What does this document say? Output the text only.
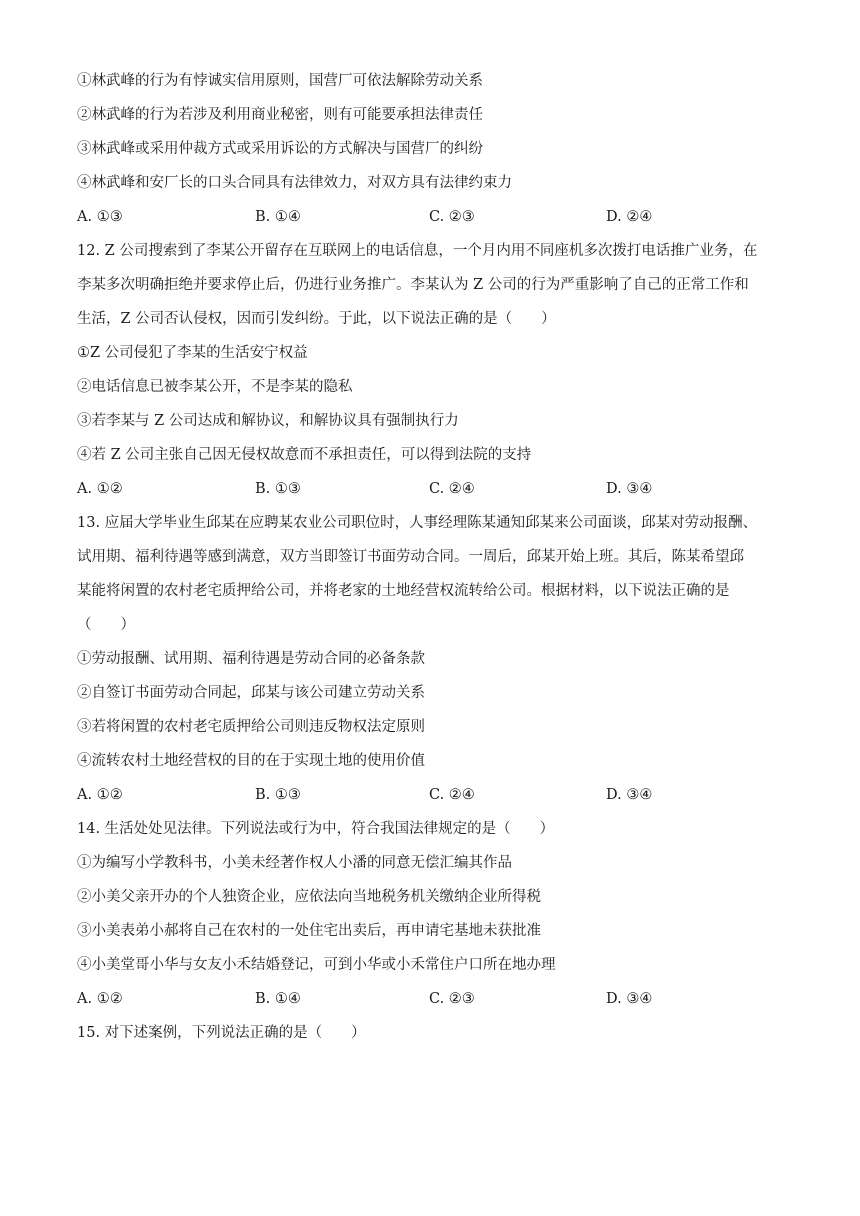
①林武峰的行为有悖诚实信用原则，国营厂可依法解除劳动关系
②林武峰的行为若涉及利用商业秘密，则有可能要承担法律责任
③林武峰或采用仲裁方式或采用诉讼的方式解决与国营厂的纠纷
④林武峰和安厂长的口头合同具有法律效力，对双方具有法律约束力
A. ①③	B. ①④	C. ②③	D. ②④
12. Z 公司搜索到了李某公开留存在互联网上的电话信息，一个月内用不同座机多次拨打电话推广业务，在
李某多次明确拒绝并要求停止后，仍进行业务推广。李某认为 Z 公司的行为严重影响了自己的正常工作和
生活，Z 公司否认侵权，因而引发纠纷。于此，以下说法正确的是（　　）
①Z 公司侵犯了李某的生活安宁权益
②电话信息已被李某公开，不是李某的隐私
③若李某与 Z 公司达成和解协议，和解协议具有强制执行力
④若 Z 公司主张自己因无侵权故意而不承担责任，可以得到法院的支持
A. ①②	B. ①③	C. ②④	D. ③④
13. 应届大学毕业生邱某在应聘某农业公司职位时，人事经理陈某通知邱某来公司面谈，邱某对劳动报酬、
试用期、福利待遇等感到满意，双方当即签订书面劳动合同。一周后，邱某开始上班。其后，陈某希望邱
某能将闲置的农村老宅质押给公司，并将老家的土地经营权流转给公司。根据材料，以下说法正确的是
（　　）
①劳动报酬、试用期、福利待遇是劳动合同的必备条款
②自签订书面劳动合同起，邱某与该公司建立劳动关系
③若将闲置的农村老宅质押给公司则违反物权法定原则
④流转农村土地经营权的目的在于实现土地的使用价值
A. ①②	B. ①③	C. ②④	D. ③④
14. 生活处处见法律。下列说法或行为中，符合我国法律规定的是（　　）
①为编写小学教科书，小美未经著作权人小潘的同意无偿汇编其作品
②小美父亲开办的个人独资企业，应依法向当地税务机关缴纳企业所得税
③小美表弟小郝将自己在农村的一处住宅出卖后，再申请宅基地未获批准
④小美堂哥小华与女友小禾结婚登记，可到小华或小禾常住户口所在地办理
A. ①②	B. ①④	C. ②③	D. ③④
15. 对下述案例，下列说法正确的是（　　）
